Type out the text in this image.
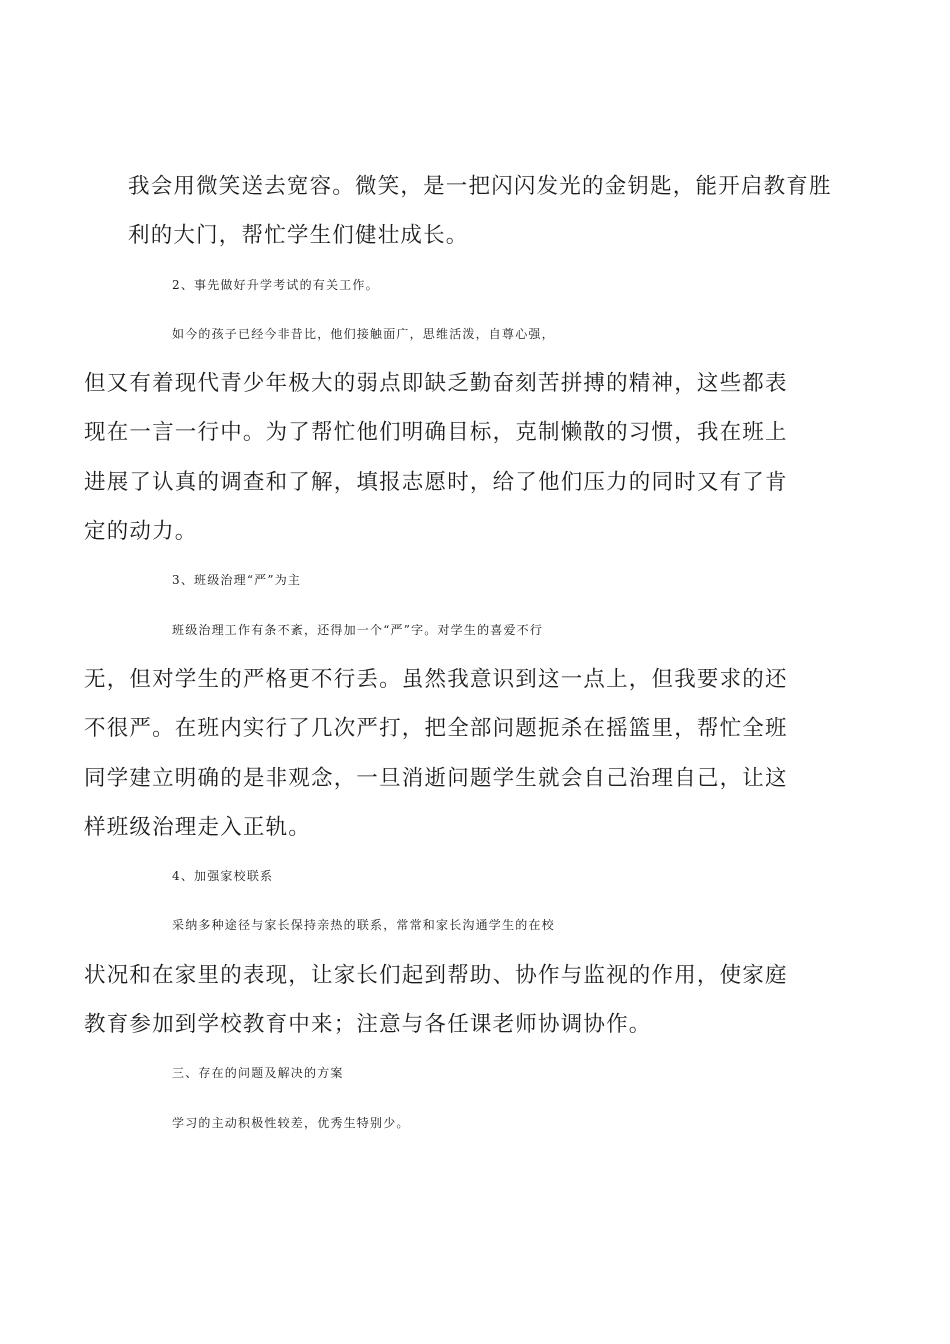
我会用微笑送去宽容。微笑，是一把闪闪发光的金钥匙，能开启教育胜
利的大门，帮忙学生们健壮成长。

2、事先做好升学考试的有关工作。

如今的孩子已经今非昔比，他们接触面广，思维活泼，自尊心强，
但又有着现代青少年极大的弱点即缺乏勤奋刻苦拼搏的精神，这些都表
现在一言一行中。为了帮忙他们明确目标，克制懒散的习惯，我在班上
进展了认真的调查和了解，填报志愿时，给了他们压力的同时又有了肯
定的动力。

3、班级治理“严”为主

班级治理工作有条不紊，还得加一个“严”字。对学生的喜爱不行
无，但对学生的严格更不行丢。虽然我意识到这一点上，但我要求的还
不很严。在班内实行了几次严打，把全部问题扼杀在摇篮里，帮忙全班
同学建立明确的是非观念，一旦消逝问题学生就会自己治理自己，让这
样班级治理走入正轨。

4、加强家校联系

采纳多种途径与家长保持亲热的联系，常常和家长沟通学生的在校
状况和在家里的表现，让家长们起到帮助、协作与监视的作用，使家庭
教育参加到学校教育中来；注意与各任课老师协调协作。

三、存在的问题及解决的方案

学习的主动积极性较差，优秀生特别少。
